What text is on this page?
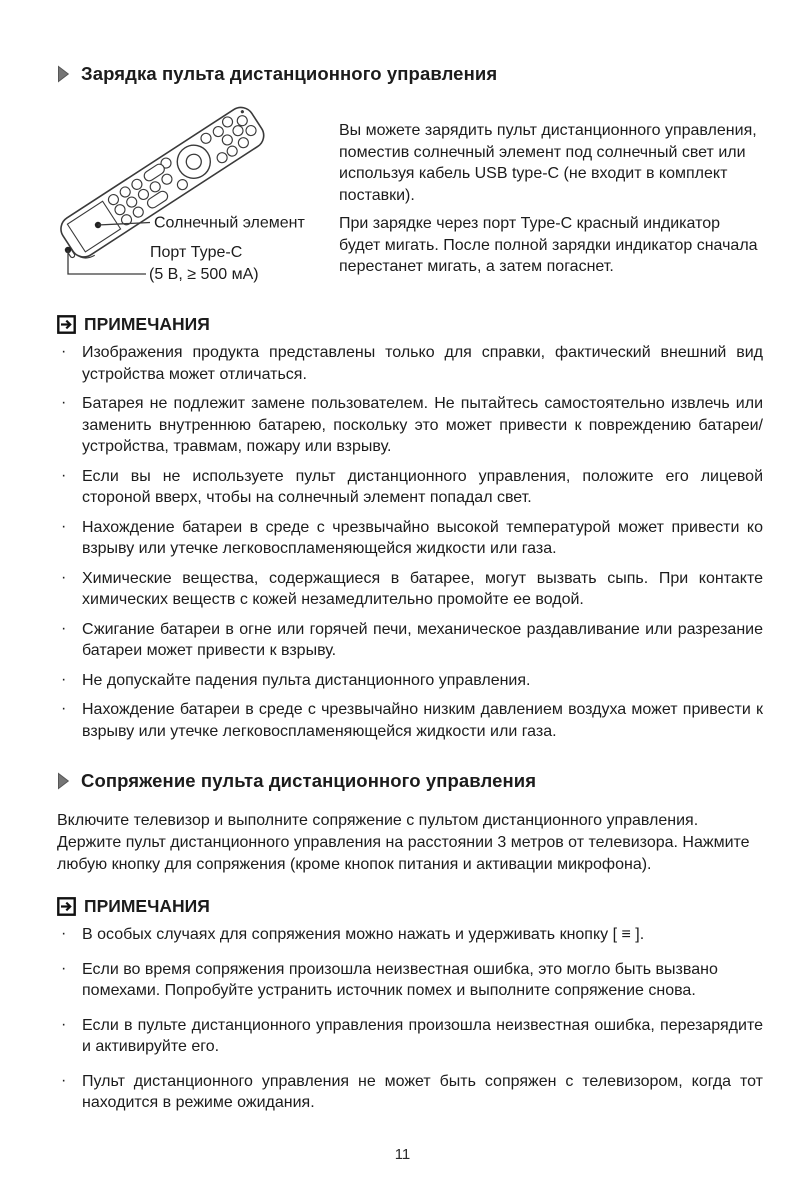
Зарядка пульта дистанционного управления
Солнечный элемент
Порт Type-C
(5 В, ≥ 500 мА)

Вы можете зарядить пульт дистанционного управления, поместив солнечный элемент под солнечный свет или используя кабель USB type-C (не входит в комплект поставки).

При зарядке через порт Type-C красный индикатор будет мигать. После полной зарядки индикатор сначала перестанет мигать, а затем погаснет.

ПРИМЕЧАНИЯ
· Изображения продукта представлены только для справки, фактический внешний вид устройства может отличаться.
· Батарея не подлежит замене пользователем. Не пытайтесь самостоятельно извлечь или заменить внутреннюю батарею, поскольку это может привести к повреждению батареи/устройства, травмам, пожару или взрыву.
· Если вы не используете пульт дистанционного управления, положите его лицевой стороной вверх, чтобы на солнечный элемент попадал свет.
· Нахождение батареи в среде с чрезвычайно высокой температурой может привести ко взрыву или утечке легковоспламеняющейся жидкости или газа.
· Химические вещества, содержащиеся в батарее, могут вызвать сыпь. При контакте химических веществ с кожей незамедлительно промойте ее водой.
· Сжигание батареи в огне или горячей печи, механическое раздавливание или разрезание батареи может привести к взрыву.
· Не допускайте падения пульта дистанционного управления.
· Нахождение батареи в среде с чрезвычайно низким давлением воздуха может привести к взрыву или утечке легковоспламеняющейся жидкости или газа.
Сопряжение пульта дистанционного управления

Включите телевизор и выполните сопряжение с пультом дистанционного управления. Держите пульт дистанционного управления на расстоянии 3 метров от телевизора. Нажмите любую кнопку для сопряжения (кроме кнопок питания и активации микрофона).

ПРИМЕЧАНИЯ
· В особых случаях для сопряжения можно нажать и удерживать кнопку [ ≡ ].
· Если во время сопряжения произошла неизвестная ошибка, это могло быть вызвано помехами. Попробуйте устранить источник помех и выполните сопряжение снова.
· Если в пульте дистанционного управления произошла неизвестная ошибка, перезарядите и активируйте его.
· Пульт дистанционного управления не может быть сопряжен с телевизором, когда тот находится в режиме ожидания.
11
